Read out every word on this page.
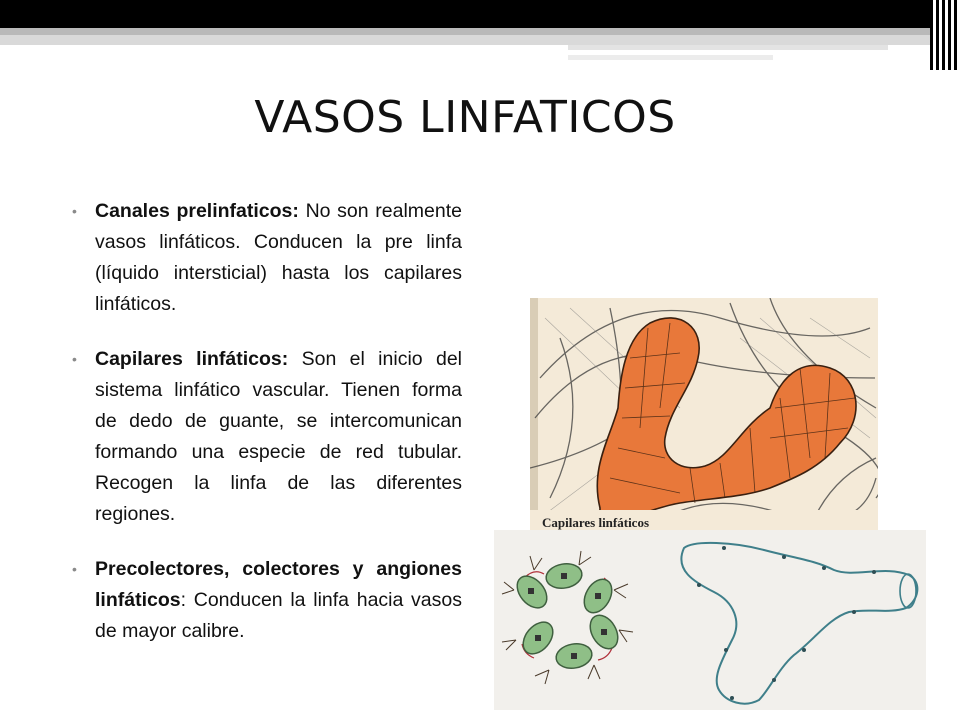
VASOS LINFATICOS
• Canales prelinfaticos: No son realmente vasos linfáticos. Conducen la pre linfa (líquido intersticial) hasta los capilares linfáticos.
• Capilares linfáticos: Son el inicio del sistema linfático vascular. Tienen forma de dedo de guante, se intercomunican formando una especie de red tubular. Recogen la linfa de las diferentes regiones.
• Precolectores, colectores y angiones linfáticos: Conducen la linfa hacia vasos de mayor calibre.
Capilares linfáticos
